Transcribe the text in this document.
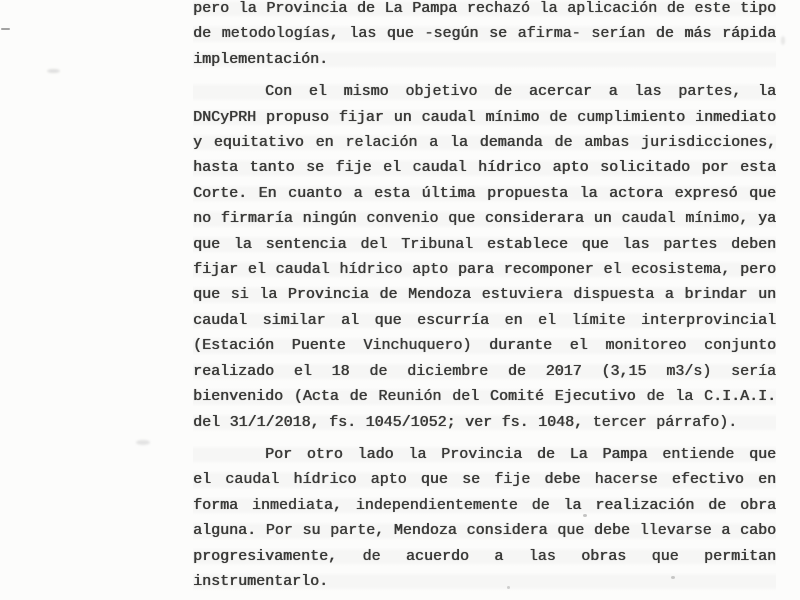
pero la Provincia de La Pampa rechazó la aplicación de este tipo
de metodologías, las que -según se afirma- serían de más rápida
implementación.
Con el mismo objetivo de acercar a las partes, la
DNCyPRH propuso fijar un caudal mínimo de cumplimiento inmediato
y equitativo en relación a la demanda de ambas jurisdicciones,
hasta tanto se fije el caudal hídrico apto solicitado por esta
Corte. En cuanto a esta última propuesta la actora expresó que
no firmaría ningún convenio que considerara un caudal mínimo, ya
que la sentencia del Tribunal establece que las partes deben
fijar el caudal hídrico apto para recomponer el ecosistema, pero
que si la Provincia de Mendoza estuviera dispuesta a brindar un
caudal similar al que escurría en el límite interprovincial
(Estación Puente Vinchuquero) durante el monitoreo conjunto
realizado el 18 de diciembre de 2017 (3,15 m3/s) sería
bienvenido (Acta de Reunión del Comité Ejecutivo de la C.I.A.I.
del 31/1/2018, fs. 1045/1052; ver fs. 1048, tercer párrafo).
Por otro lado la Provincia de La Pampa entiende que
el caudal hídrico apto que se fije debe hacerse efectivo en
forma inmediata, independientemente de la realización de obra
alguna. Por su parte, Mendoza considera que debe llevarse a cabo
progresivamente, de acuerdo a las obras que permitan
instrumentarlo.
